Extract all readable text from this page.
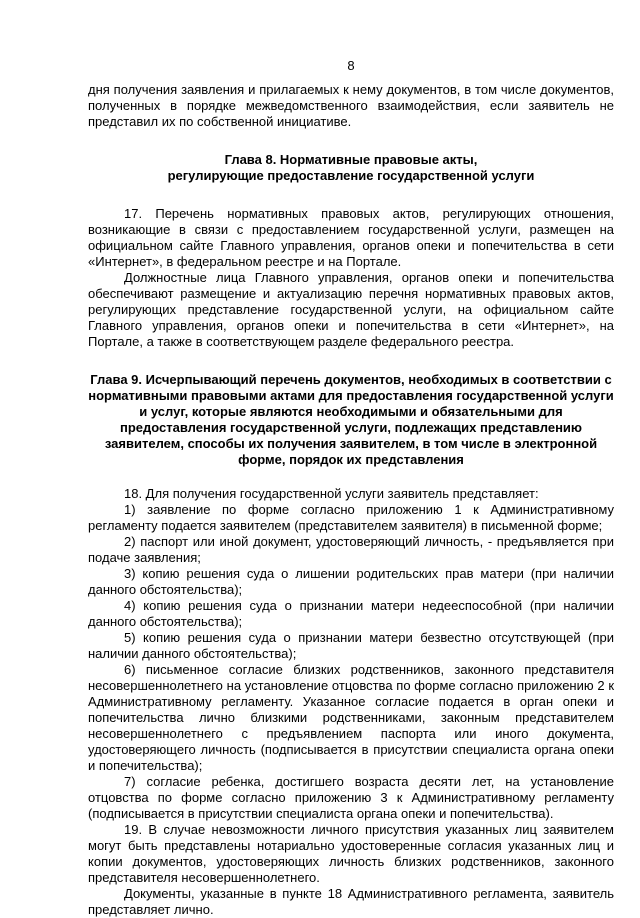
8

дня получения заявления и прилагаемых к нему документов, в том числе документов, полученных в порядке межведомственного взаимодействия, если заявитель не представил их по собственной инициативе.

Глава 8. Нормативные правовые акты,
регулирующие предоставление государственной услуги

17. Перечень нормативных правовых актов, регулирующих отношения, возникающие в связи с предоставлением государственной услуги, размещен на официальном сайте Главного управления, органов опеки и попечительства в сети «Интернет», в федеральном реестре и на Портале.

Должностные лица Главного управления, органов опеки и попечительства обеспечивают размещение и актуализацию перечня нормативных правовых актов, регулирующих представление государственной услуги, на официальном сайте Главного управления, органов опеки и попечительства в сети «Интернет», на Портале, а также в соответствующем разделе федерального реестра.

Глава 9. Исчерпывающий перечень документов, необходимых в соответствии с нормативными правовыми актами для предоставления государственной услуги и услуг, которые являются необходимыми и обязательными для предоставления государственной услуги, подлежащих представлению заявителем, способы их получения заявителем, в том числе в электронной форме, порядок их представления

18. Для получения государственной услуги заявитель представляет:

1) заявление по форме согласно приложению 1 к Административному регламенту подается заявителем (представителем заявителя) в письменной форме;

2) паспорт или иной документ, удостоверяющий личность, - предъявляется при подаче заявления;

3) копию решения суда о лишении родительских прав матери (при наличии данного обстоятельства);

4) копию решения суда о признании матери недееспособной (при наличии данного обстоятельства);

5) копию решения суда о признании матери безвестно отсутствующей (при наличии данного обстоятельства);

6) письменное согласие близких родственников, законного представителя несовершеннолетнего на установление отцовства по форме согласно приложению 2 к Административному регламенту. Указанное согласие подается в орган опеки и попечительства лично близкими родственниками, законным представителем несовершеннолетнего с предъявлением паспорта или иного документа, удостоверяющего личность (подписывается в присутствии специалиста органа опеки и попечительства);

7) согласие ребенка, достигшего возраста десяти лет, на установление отцовства по форме согласно приложению 3 к Административному регламенту (подписывается в присутствии специалиста органа опеки и попечительства).

19. В случае невозможности личного присутствия указанных лиц заявителем могут быть представлены нотариально удостоверенные согласия указанных лиц и копии документов, удостоверяющих личность близких родственников, законного представителя несовершеннолетнего.

Документы, указанные в пункте 18 Административного регламента, заявитель представляет лично.
